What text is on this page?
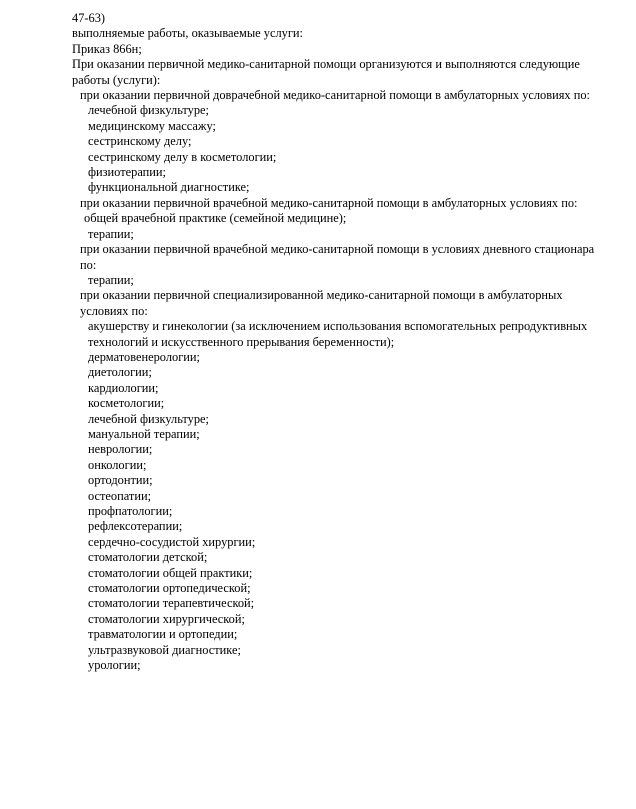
47-63)

выполняемые работы, оказываемые услуги:

Приказ 866н;

При оказании первичной медико-санитарной помощи организуются и выполняются следующие работы (услуги):

при оказании первичной доврачебной медико-санитарной помощи в амбулаторных условиях по:

лечебной физкультуре;

медицинскому массажу;

сестринскому делу;

сестринскому делу в косметологии;

физиотерапии;

функциональной диагностике;

при оказании первичной врачебной медико-санитарной помощи в амбулаторных условиях по:

общей врачебной практике (семейной медицине);

терапии;

при оказании первичной врачебной медико-санитарной помощи в условиях дневного стационара по:

терапии;

при оказании первичной специализированной медико-санитарной помощи в амбулаторных условиях по:

акушерству и гинекологии (за исключением использования вспомогательных репродуктивных технологий и искусственного прерывания беременности);

дерматовенерологии;

диетологии;

кардиологии;

косметологии;

лечебной физкультуре;

мануальной терапии;

неврологии;

онкологии;

ортодонтии;

остеопатии;

профпатологии;

рефлексотерапии;

сердечно-сосудистой хирургии;

стоматологии детской;

стоматологии общей практики;

стоматологии ортопедической;

стоматологии терапевтической;

стоматологии хирургической;

травматологии и ортопедии;

ультразвуковой диагностике;

урологии;
